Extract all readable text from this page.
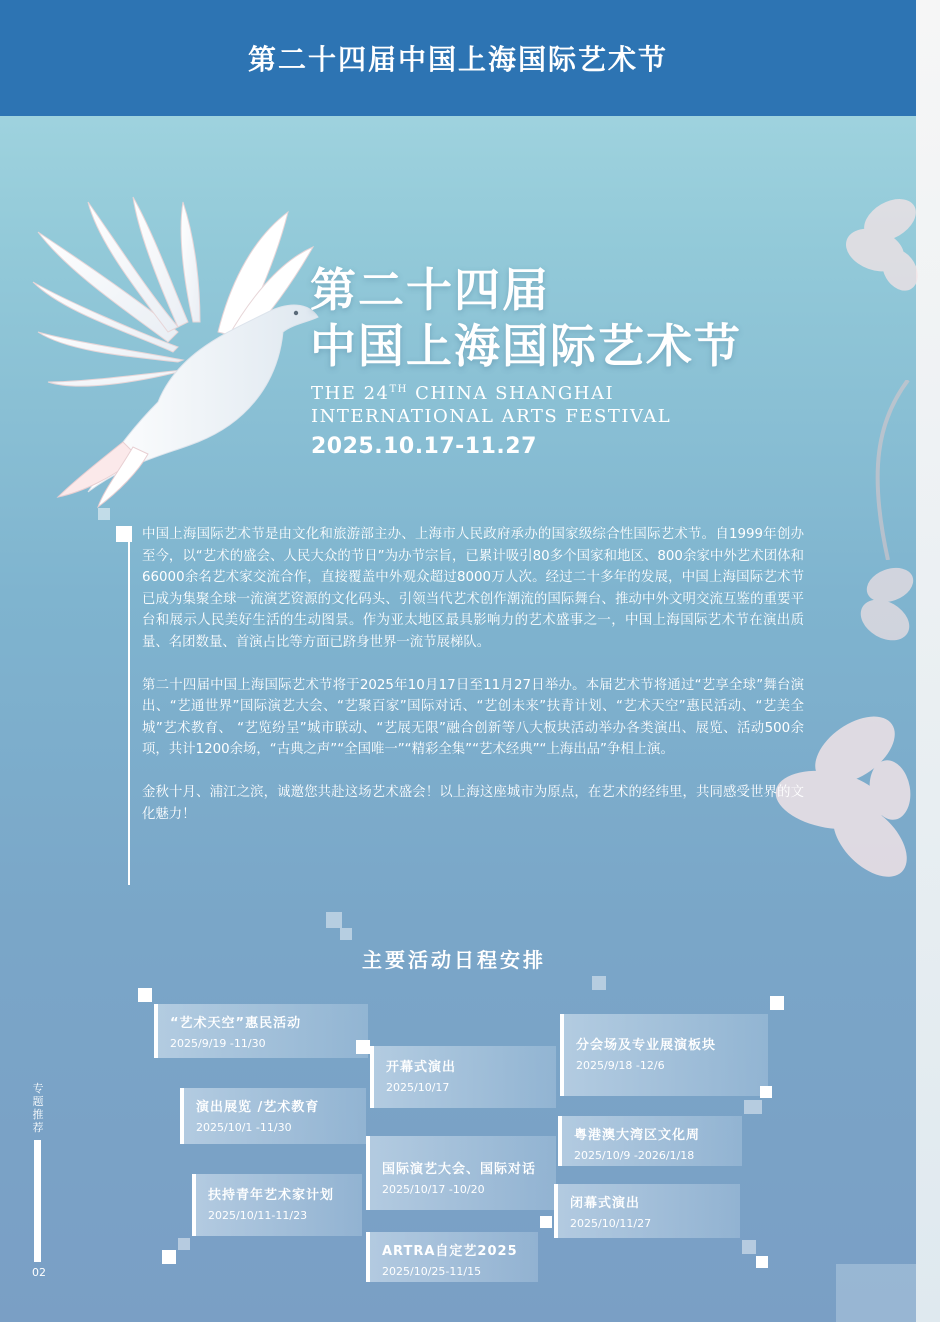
第二十四届中国上海国际艺术节
第二十四届
中国上海国际艺术节
THE 24TH CHINA SHANGHAI
INTERNATIONAL ARTS FESTIVAL
2025.10.17-11.27

中国上海国际艺术节是由文化和旅游部主办、上海市人民政府承办的国家级综合性国际艺术节。自1999年创办至今，以“艺术的盛会、人民大众的节日”为办节宗旨，已累计吸引80多个国家和地区、800余家中外艺术团体和66000余名艺术家交流合作，直接覆盖中外观众超过8000万人次。经过二十多年的发展，中国上海国际艺术节已成为集聚全球一流演艺资源的文化码头、引领当代艺术创作潮流的国际舞台、推动中外文明交流互鉴的重要平台和展示人民美好生活的生动图景。作为亚太地区最具影响力的艺术盛事之一，中国上海国际艺术节在演出质量、名团数量、首演占比等方面已跻身世界一流节展梯队。

第二十四届中国上海国际艺术节将于2025年10月17日至11月27日举办。本届艺术节将通过“艺享全球”舞台演出、“艺通世界”国际演艺大会、“艺聚百家”国际对话、“艺创未来”扶青计划、“艺术天空”惠民活动、“艺美全城”艺术教育、 “艺览纷呈”城市联动、“艺展无限”融合创新等八大板块活动举办各类演出、展览、活动500余项，共计1200余场，“古典之声”“全国唯一”“精彩全集”“艺术经典”“上海出品”争相上演。

金秋十月、浦江之滨，诚邀您共赴这场艺术盛会！以上海这座城市为原点，在艺术的经纬里，共同感受世界的文化魅力！

主要活动日程安排
“艺术天空”惠民活动
2025/9/19 -11/30
开幕式演出
2025/10/17
分会场及专业展演板块
2025/9/18 -12/6
演出展览 /艺术教育
2025/10/1 -11/30
粤港澳大湾区文化周
2025/10/9 -2026/1/18
国际演艺大会、国际对话
2025/10/17 -10/20
扶持青年艺术家计划
2025/10/11-11/23
闭幕式演出
2025/10/11/27
ARTRA自定艺2025
2025/10/25-11/15
专题推荐
02
